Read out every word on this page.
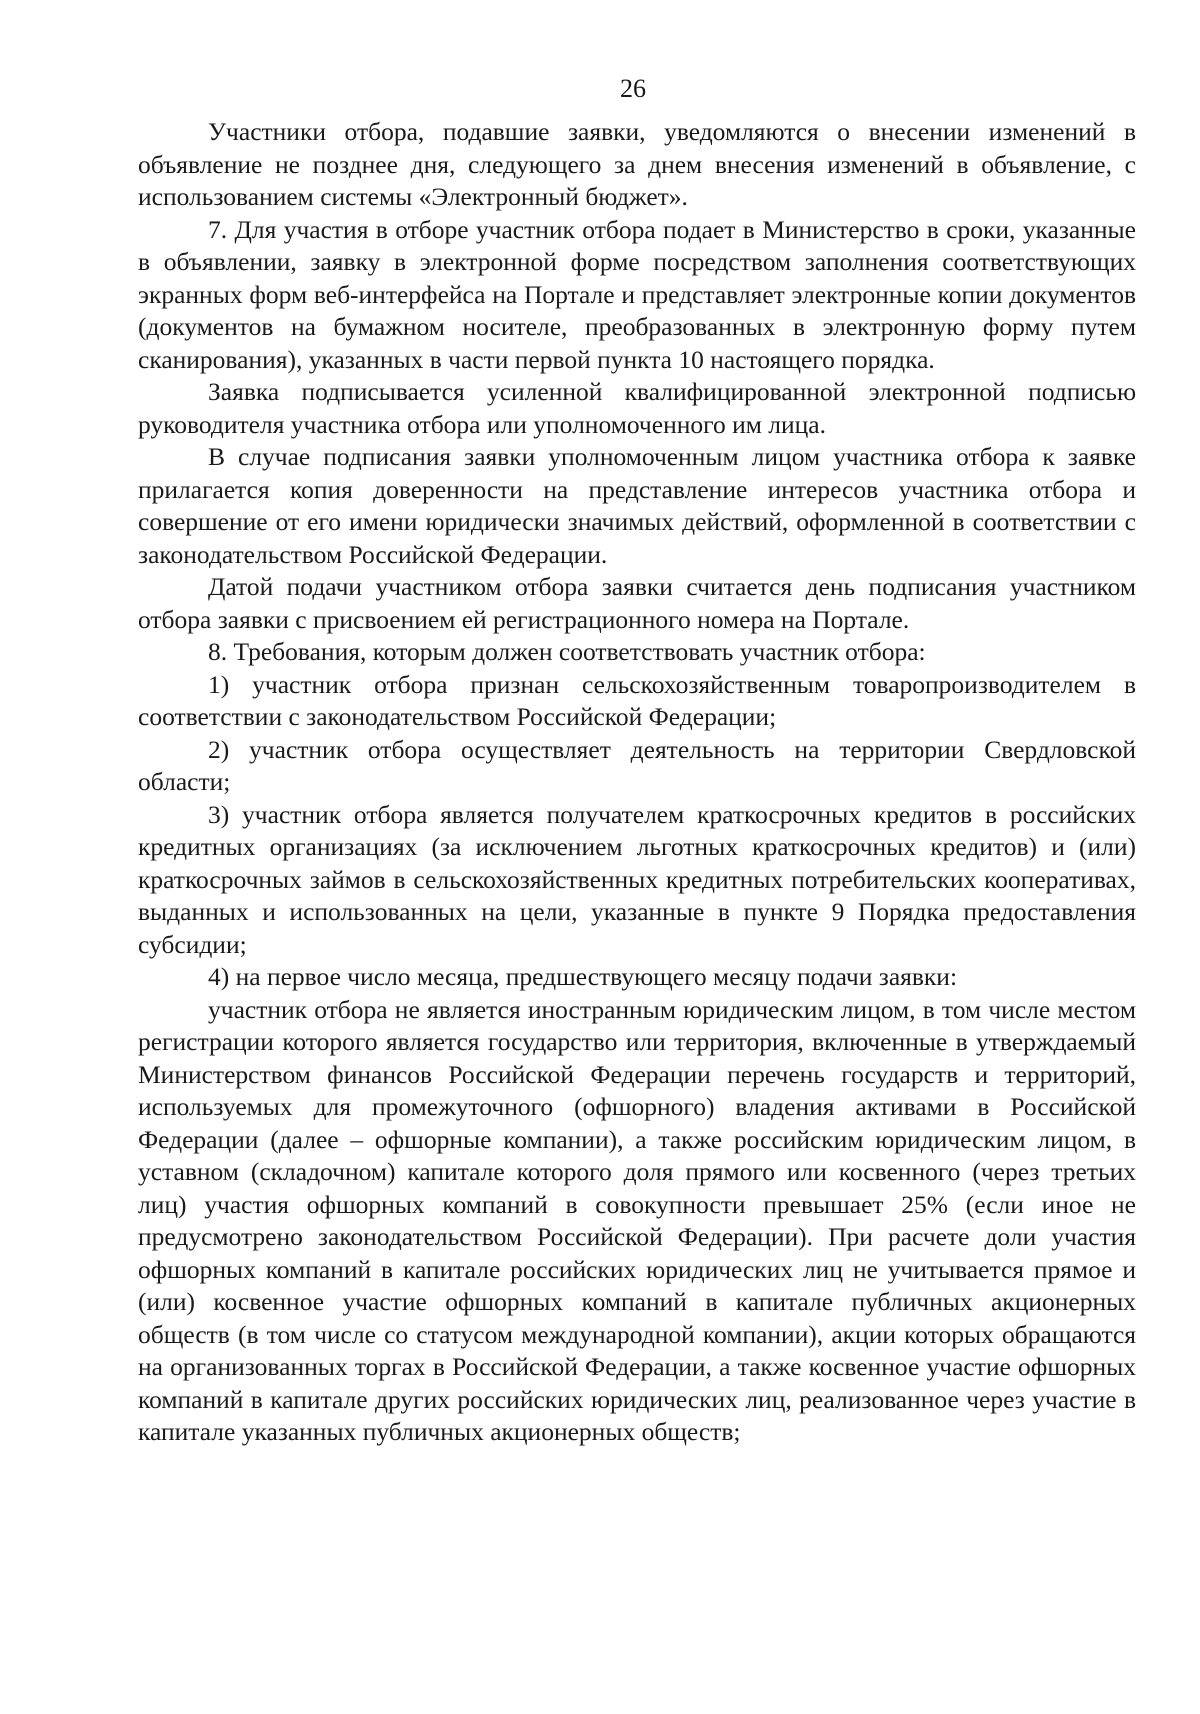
26

Участники отбора, подавшие заявки, уведомляются о внесении изменений в объявление не позднее дня, следующего за днем внесения изменений в объявление, с использованием системы «Электронный бюджет».

7. Для участия в отборе участник отбора подает в Министерство в сроки, указанные в объявлении, заявку в электронной форме посредством заполнения соответствующих экранных форм веб-интерфейса на Портале и представляет электронные копии документов (документов на бумажном носителе, преобразованных в электронную форму путем сканирования), указанных в части первой пункта 10 настоящего порядка.

Заявка подписывается усиленной квалифицированной электронной подписью руководителя участника отбора или уполномоченного им лица.

В случае подписания заявки уполномоченным лицом участника отбора к заявке прилагается копия доверенности на представление интересов участника отбора и совершение от его имени юридически значимых действий, оформленной в соответствии с законодательством Российской Федерации.

Датой подачи участником отбора заявки считается день подписания участником отбора заявки с присвоением ей регистрационного номера на Портале.

8. Требования, которым должен соответствовать участник отбора:

1) участник отбора признан сельскохозяйственным товаропроизводителем в соответствии с законодательством Российской Федерации;

2) участник отбора осуществляет деятельность на территории Свердловской области;

3) участник отбора является получателем краткосрочных кредитов в российских кредитных организациях (за исключением льготных краткосрочных кредитов) и (или) краткосрочных займов в сельскохозяйственных кредитных потребительских кооперативах, выданных и использованных на цели, указанные в пункте 9 Порядка предоставления субсидии;

4) на первое число месяца, предшествующего месяцу подачи заявки:

участник отбора не является иностранным юридическим лицом, в том числе местом регистрации которого является государство или территория, включенные в утверждаемый Министерством финансов Российской Федерации перечень государств и территорий, используемых для промежуточного (офшорного) владения активами в Российской Федерации (далее – офшорные компании), а также российским юридическим лицом, в уставном (складочном) капитале которого доля прямого или косвенного (через третьих лиц) участия офшорных компаний в совокупности превышает 25% (если иное не предусмотрено законодательством Российской Федерации). При расчете доли участия офшорных компаний в капитале российских юридических лиц не учитывается прямое и (или) косвенное участие офшорных компаний в капитале публичных акционерных обществ (в том числе со статусом международной компании), акции которых обращаются на организованных торгах в Российской Федерации, а также косвенное участие офшорных компаний в капитале других российских юридических лиц, реализованное через участие в капитале указанных публичных акционерных обществ;
